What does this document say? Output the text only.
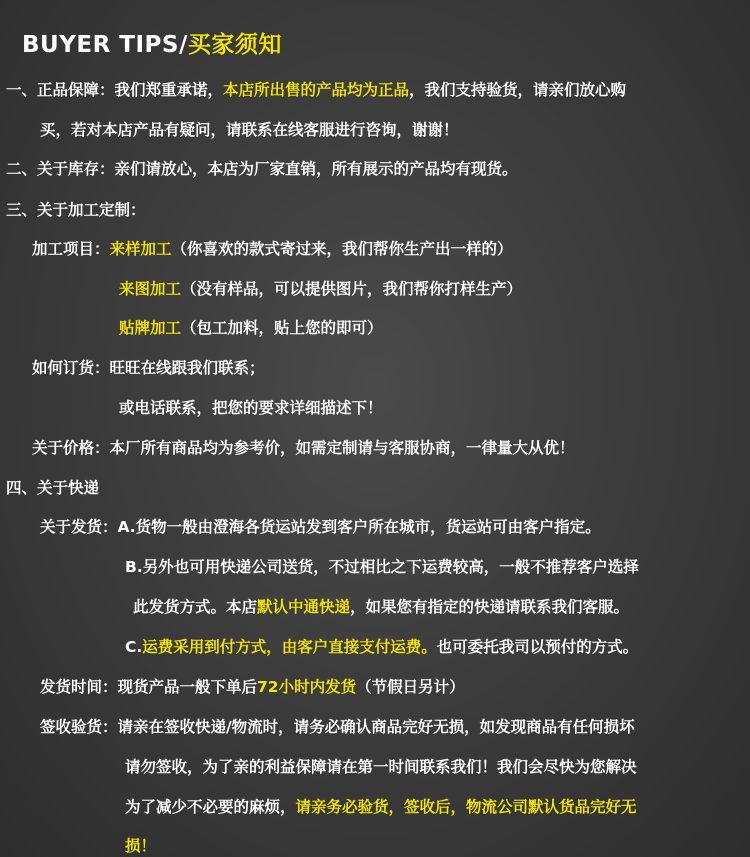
BUYER TIPS/买家须知
一、正品保障：我们郑重承诺，本店所出售的产品均为正品，我们支持验货，请亲们放心购
买，若对本店产品有疑问，请联系在线客服进行咨询，谢谢！
二、关于库存：亲们请放心，本店为厂家直销，所有展示的产品均有现货。
三、关于加工定制：
加工项目：来样加工（你喜欢的款式寄过来，我们帮你生产出一样的）
来图加工（没有样品，可以提供图片，我们帮你打样生产）
贴牌加工（包工加料，贴上您的即可）
如何订货：旺旺在线跟我们联系；
或电话联系，把您的要求详细描述下！
关于价格：本厂所有商品均为参考价，如需定制请与客服协商，一律量大从优！
四、关于快递
关于发货：A.货物一般由澄海各货运站发到客户所在城市，货运站可由客户指定。
B.另外也可用快递公司送货，不过相比之下运费较高，一般不推荐客户选择
此发货方式。本店默认中通快递，如果您有指定的快递请联系我们客服。
C.运费采用到付方式，由客户直接支付运费。也可委托我司以预付的方式。
发货时间：现货产品一般下单后72小时内发货（节假日另计）
签收验货：请亲在签收快递/物流时，请务必确认商品完好无损，如发现商品有任何损坏
请勿签收，为了亲的利益保障请在第一时间联系我们！我们会尽快为您解决
为了减少不必要的麻烦，请亲务必验货，签收后，物流公司默认货品完好无
损！
